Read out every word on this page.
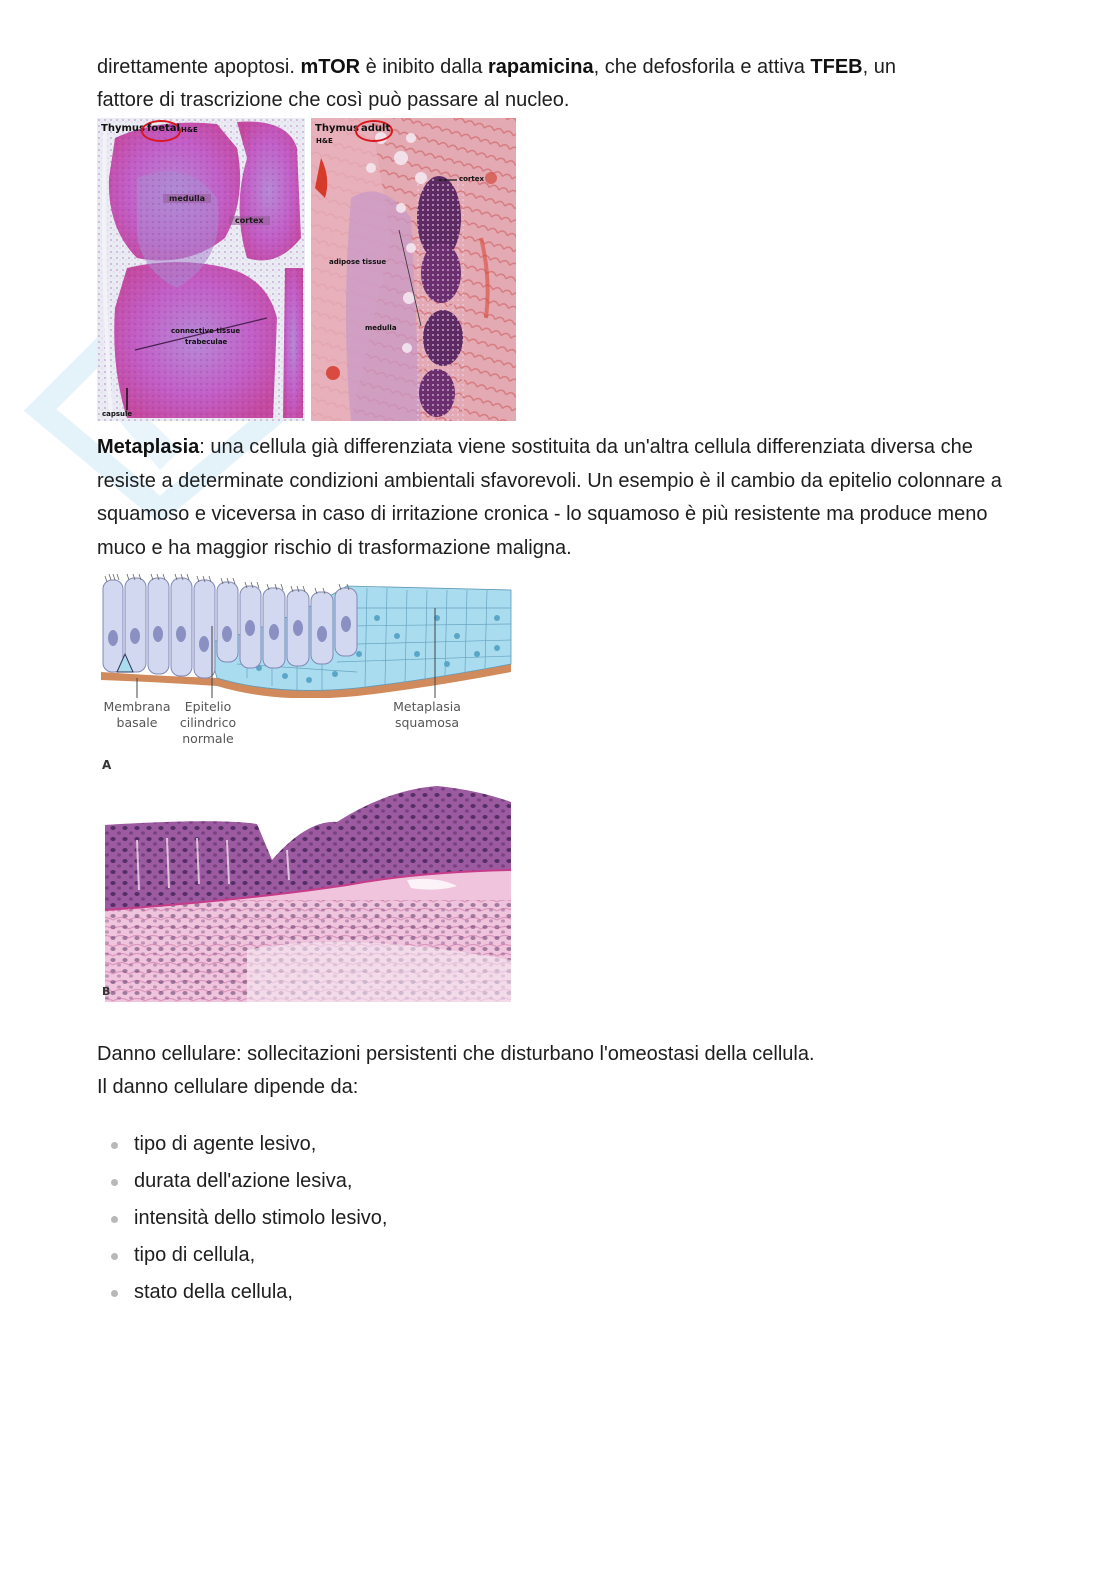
direttamente apoptosi. mTOR è inibito dalla rapamicina, che defosforila e attiva TFEB, un
fattore di trascrizione che così può passare al nucleo.
Thymus foetal H&E
medulla
cortex
connective tissue
trabeculae
capsule
Thymus adult
H&E
cortex
adipose tissue
medulla
Metaplasia: una cellula già differenziata viene sostituita da un'altra cellula differenziata diversa che resiste a determinate condizioni ambientali sfavorevoli. Un esempio è il cambio da epitelio colonnare a squamoso e viceversa in caso di irritazione cronica - lo squamoso è più resistente ma produce meno muco e ha maggior rischio di trasformazione maligna.
Membrana
basale
Epitelio
cilindrico
normale
Metaplasia
squamosa
A
B
Danno cellulare: sollecitazioni persistenti che disturbano l'omeostasi della cellula.
Il danno cellulare dipende da:
tipo di agente lesivo,
durata dell'azione lesiva,
intensità dello stimolo lesivo,
tipo di cellula,
stato della cellula,
